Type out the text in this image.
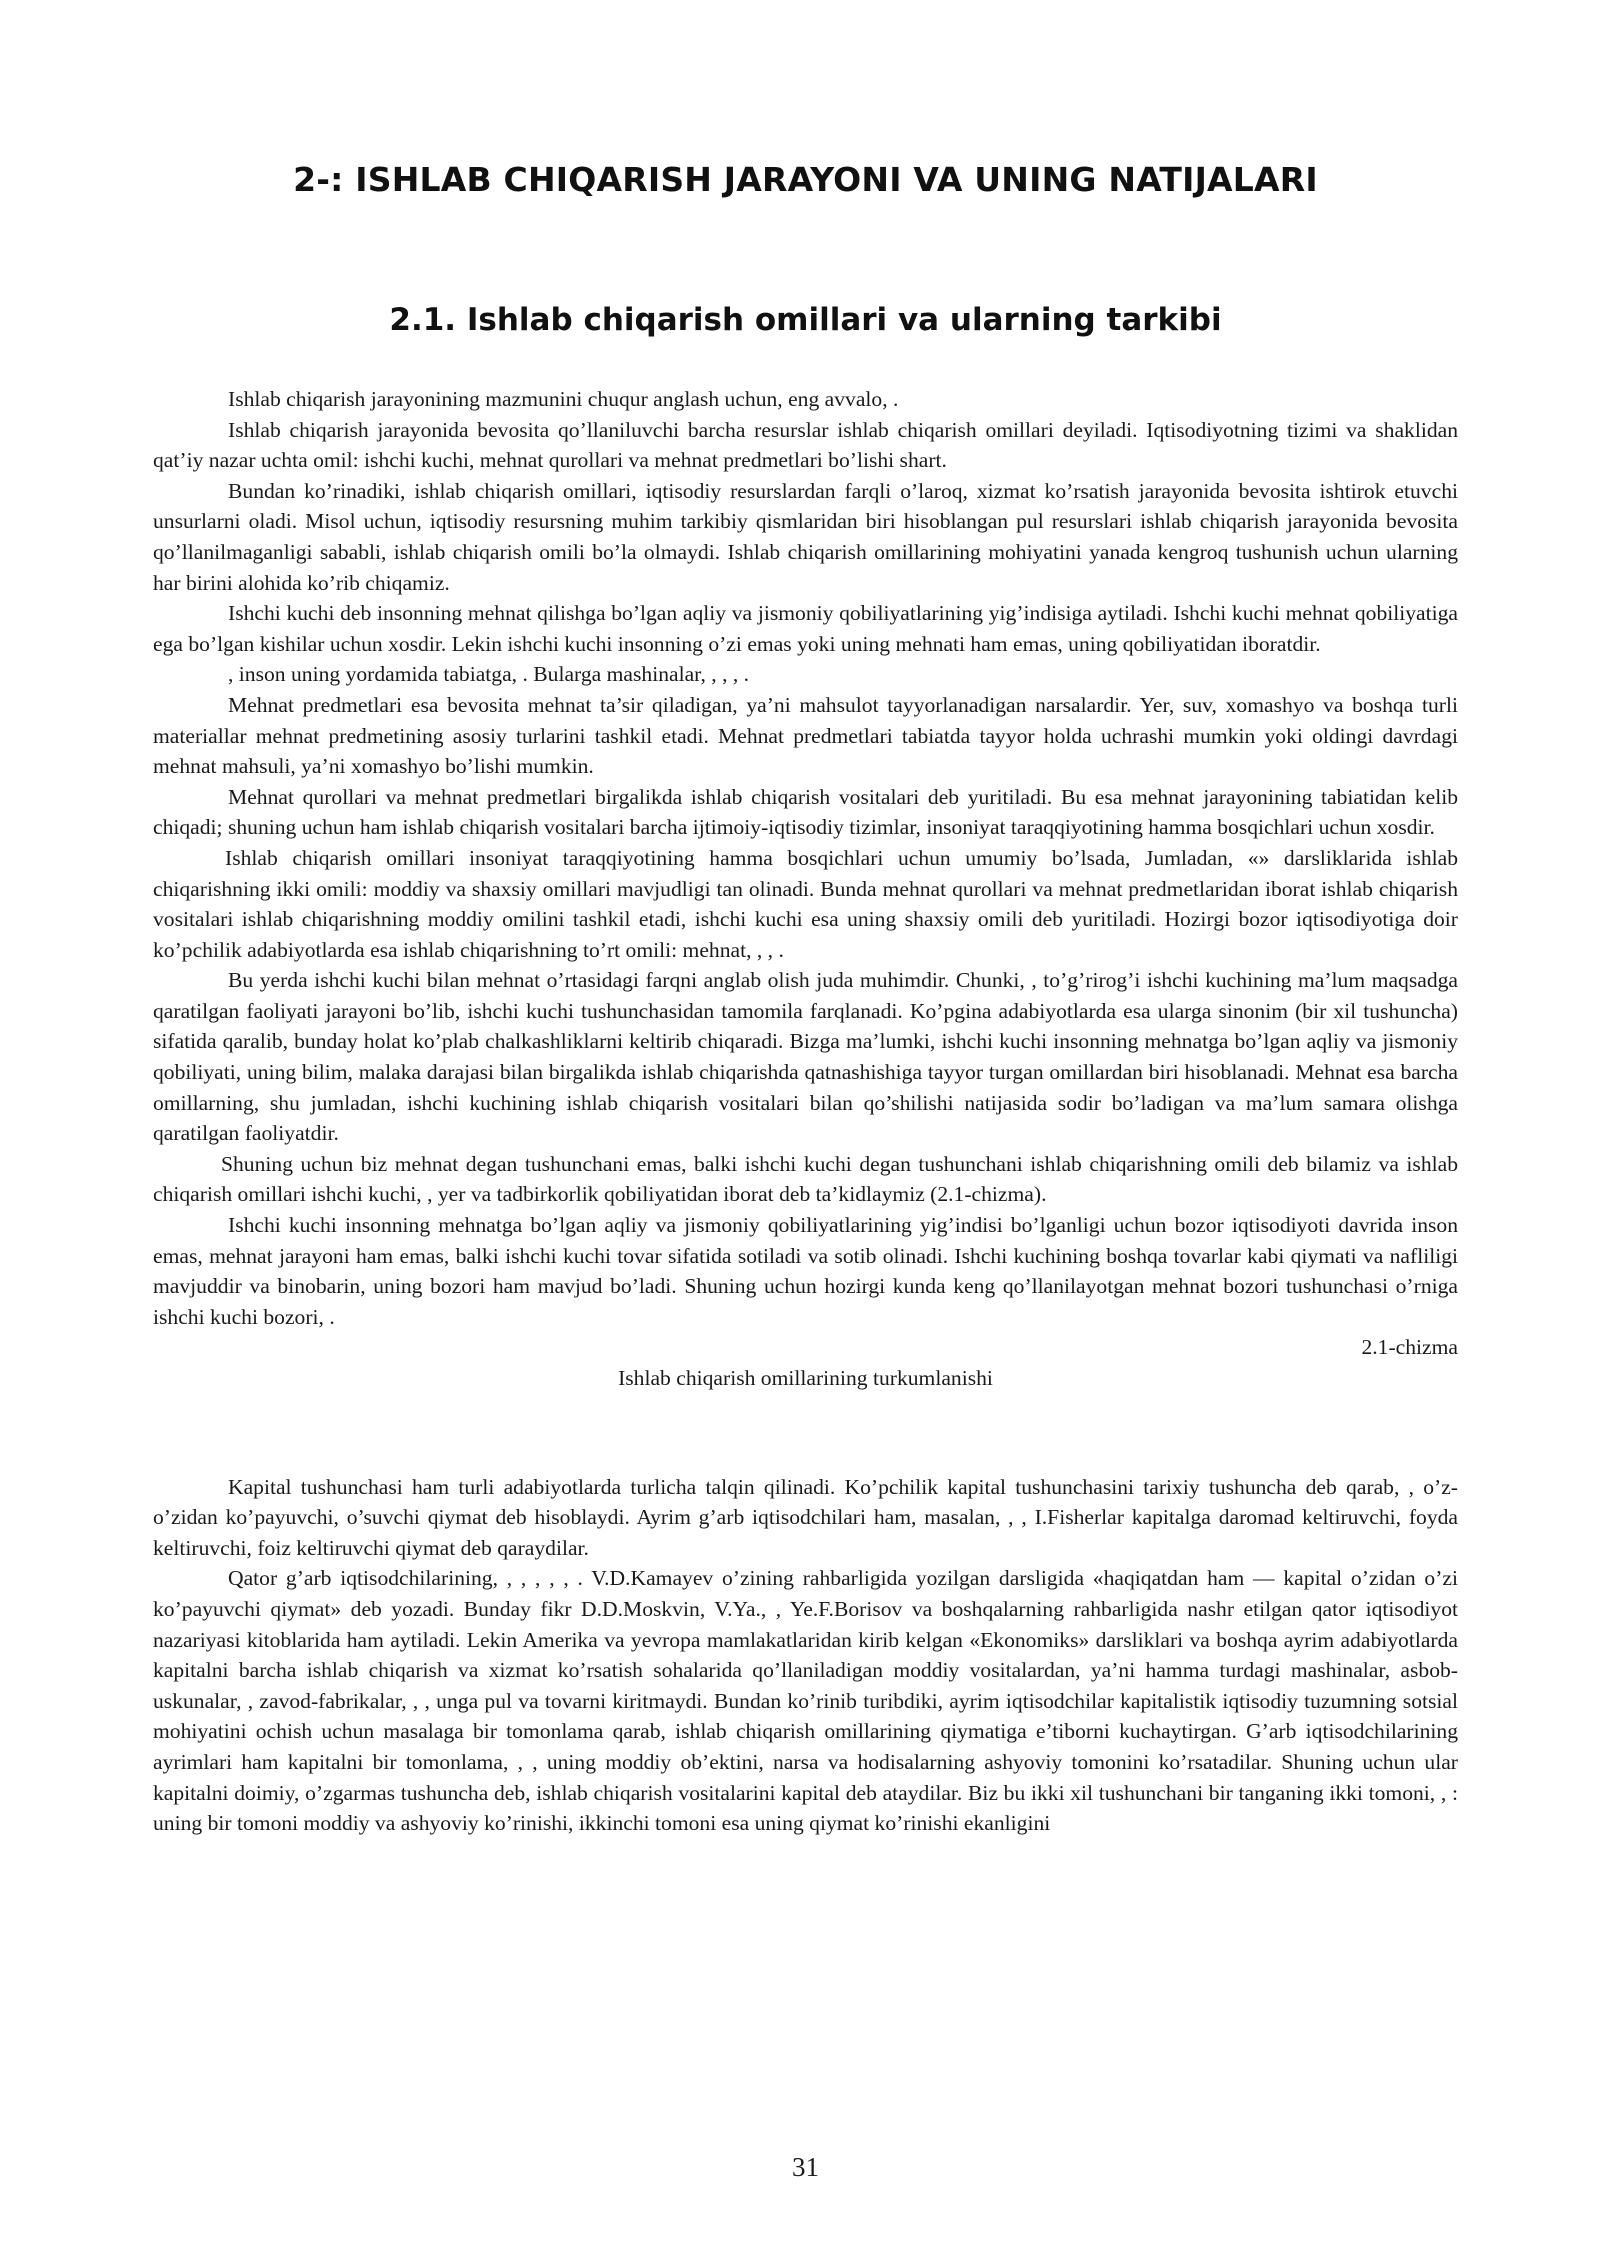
2-: ISHLAB CHIQARISH JARAYONI VA UNING NATIJALARI
2.1. Ishlab chiqarish omillari va ularning tarkibi

Ishlab chiqarish jarayonining mazmunini chuqur anglash uchun, eng avvalo, .

Ishlab chiqarish jarayonida bevosita qo’llaniluvchi barcha resurslar ishlab chiqarish omillari deyiladi. Iqtisodiyotning tizimi va shaklidan qat’iy nazar uchta omil: ishchi kuchi, mehnat qurollari va mehnat predmetlari bo’lishi shart.

Bundan ko’rinadiki, ishlab chiqarish omillari, iqtisodiy resurslardan farqli o’laroq, xizmat ko’rsatish jarayonida bevosita ishtirok etuvchi unsurlarni oladi. Misol uchun, iqtisodiy resursning muhim tarkibiy qismlaridan biri hisoblangan pul resurslari ishlab chiqarish jarayonida bevosita qo’llanilmaganligi sababli, ishlab chiqarish omili bo’la olmaydi. Ishlab chiqarish omillarining mohiyatini yanada kengroq tushunish uchun ularning har birini alohida ko’rib chiqamiz.

Ishchi kuchi deb insonning mehnat qilishga bo’lgan aqliy va jismoniy qobiliyatlarining yig’indisiga aytiladi. Ishchi kuchi mehnat qobiliyatiga ega bo’lgan kishilar uchun xosdir. Lekin ishchi kuchi insonning o’zi emas yoki uning mehnati ham emas, uning qobiliyatidan iboratdir.

, inson uning yordamida tabiatga, . Bularga mashinalar, , , , .

Mehnat predmetlari esa bevosita mehnat ta’sir qiladigan, ya’ni mahsulot tayyorlanadigan narsalardir. Yer, suv, xomashyo va boshqa turli materiallar mehnat predmetining asosiy turlarini tashkil etadi. Mehnat predmetlari tabiatda tayyor holda uchrashi mumkin yoki oldingi davrdagi mehnat mahsuli, ya’ni xomashyo bo’lishi mumkin.

Mehnat qurollari va mehnat predmetlari birgalikda ishlab chiqarish vositalari deb yuritiladi. Bu esa mehnat jarayonining tabiatidan kelib chiqadi; shuning uchun ham ishlab chiqarish vositalari barcha ijtimoiy-iqtisodiy tizimlar, insoniyat taraqqiyotining hamma bosqichlari uchun xosdir.

Ishlab chiqarish omillari insoniyat taraqqiyotining hamma bosqichlari uchun umumiy bo’lsada, Jumladan, «» darsliklarida ishlab chiqarishning ikki omili: moddiy va shaxsiy omillari mavjudligi tan olinadi. Bunda mehnat qurollari va mehnat predmetlaridan iborat ishlab chiqarish vositalari ishlab chiqarishning moddiy omilini tashkil etadi, ishchi kuchi esa uning shaxsiy omili deb yuritiladi. Hozirgi bozor iqtisodiyotiga doir ko’pchilik adabiyotlarda esa ishlab chiqarishning to’rt omili: mehnat, , , .

Bu yerda ishchi kuchi bilan mehnat o’rtasidagi farqni anglab olish juda muhimdir. Chunki, , to’g’rirog’i ishchi kuchining ma’lum maqsadga qaratilgan faoliyati jarayoni bo’lib, ishchi kuchi tushunchasidan tamomila farqlanadi. Ko’pgina adabiyotlarda esa ularga sinonim (bir xil tushuncha) sifatida qaralib, bunday holat ko’plab chalkashliklarni keltirib chiqaradi. Bizga ma’lumki, ishchi kuchi insonning mehnatga bo’lgan aqliy va jismoniy qobiliyati, uning bilim, malaka darajasi bilan birgalikda ishlab chiqarishda qatnashishiga tayyor turgan omillardan biri hisoblanadi. Mehnat esa barcha omillarning, shu jumladan, ishchi kuchining ishlab chiqarish vositalari bilan qo’shilishi natijasida sodir bo’ladigan va ma’lum samara olishga qaratilgan faoliyatdir.

Shuning uchun biz mehnat degan tushunchani emas, balki ishchi kuchi degan tushunchani ishlab chiqarishning omili deb bilamiz va ishlab chiqarish omillari ishchi kuchi, , yer va tadbirkorlik qobiliyatidan iborat deb ta’kidlaymiz (2.1-chizma).

Ishchi kuchi insonning mehnatga bo’lgan aqliy va jismoniy qobiliyatlarining yig’indisi bo’lganligi uchun bozor iqtisodiyoti davrida inson emas, mehnat jarayoni ham emas, balki ishchi kuchi tovar sifatida sotiladi va sotib olinadi. Ishchi kuchining boshqa tovarlar kabi qiymati va nafliligi mavjuddir va binobarin, uning bozori ham mavjud bo’ladi. Shuning uchun hozirgi kunda keng qo’llanilayotgan mehnat bozori tushunchasi o’rniga ishchi kuchi bozori, .

2.1-chizma

Ishlab chiqarish omillarining turkumlanishi

Kapital tushunchasi ham turli adabiyotlarda turlicha talqin qilinadi. Ko’pchilik kapital tushunchasini tarixiy tushuncha deb qarab, , o’z-o’zidan ko’payuvchi, o’suvchi qiymat deb hisoblaydi. Ayrim g’arb iqtisodchilari ham, masalan, , , I.Fisherlar kapitalga daromad keltiruvchi, foyda keltiruvchi, foiz keltiruvchi qiymat deb qaraydilar.

Qator g’arb iqtisodchilarining, , , , , , . V.D.Kamayev o’zining rahbarligida yozilgan darsligida «haqiqatdan ham — kapital o’zidan o’zi ko’payuvchi qiymat» deb yozadi. Bunday fikr D.D.Moskvin, V.Ya., , Ye.F.Borisov va boshqalarning rahbarligida nashr etilgan qator iqtisodiyot nazariyasi kitoblarida ham aytiladi. Lekin Amerika va yevropa mamlakatlaridan kirib kelgan «Ekonomiks» darsliklari va boshqa ayrim adabiyotlarda kapitalni barcha ishlab chiqarish va xizmat ko’rsatish sohalarida qo’llaniladigan moddiy vositalardan, ya’ni hamma turdagi mashinalar, asbob-uskunalar, , zavod-fabrikalar, , , unga pul va tovarni kiritmaydi. Bundan ko’rinib turibdiki, ayrim iqtisodchilar kapitalistik iqtisodiy tuzumning sotsial mohiyatini ochish uchun masalaga bir tomonlama qarab, ishlab chiqarish omillarining qiymatiga e’tiborni kuchaytirgan. G’arb iqtisodchilarining ayrimlari ham kapitalni bir tomonlama, , , uning moddiy ob’ektini, narsa va hodisalarning ashyoviy tomonini ko’rsatadilar. Shuning uchun ular kapitalni doimiy, o’zgarmas tushuncha deb, ishlab chiqarish vositalarini kapital deb ataydilar. Biz bu ikki xil tushunchani bir tanganing ikki tomoni, , : uning bir tomoni moddiy va ashyoviy ko’rinishi, ikkinchi tomoni esa uning qiymat ko’rinishi ekanligini

31
